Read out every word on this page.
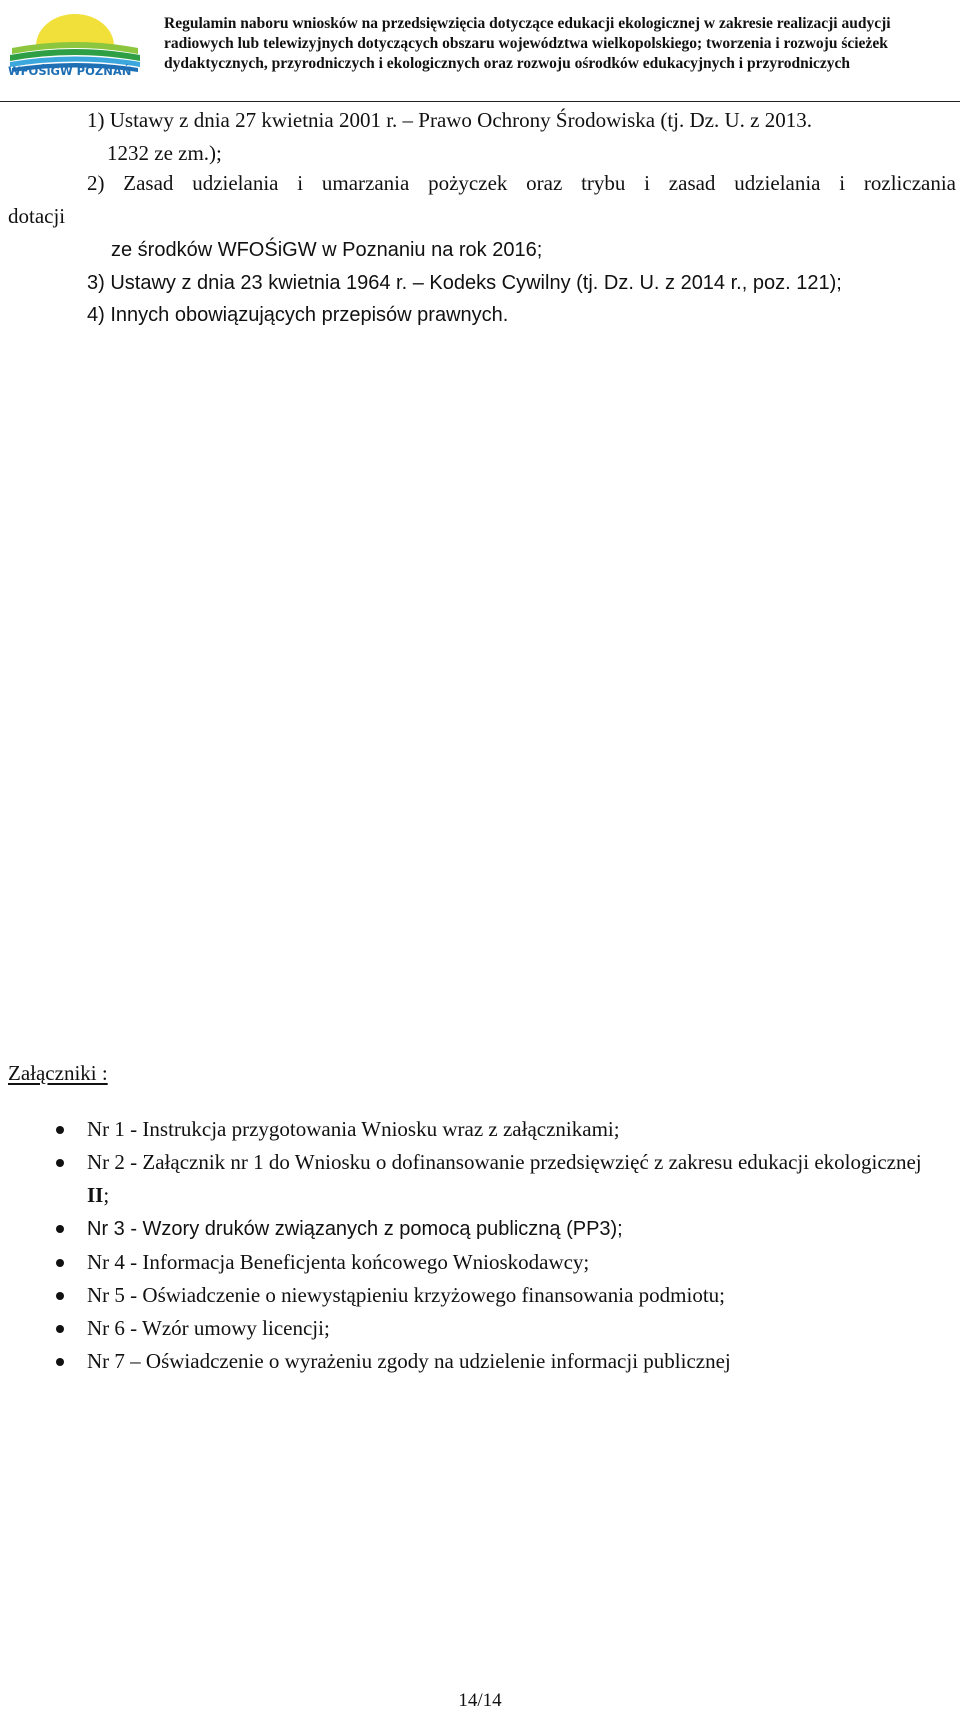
WFOŚiGW POZNAŃ
Regulamin naboru wniosków na przedsięwzięcia dotyczące edukacji ekologicznej w zakresie realizacji audycji
radiowych lub telewizyjnych dotyczących obszaru województwa wielkopolskiego; tworzenia i rozwoju ścieżek
dydaktycznych, przyrodniczych i ekologicznych oraz rozwoju ośrodków edukacyjnych i przyrodniczych
1) Ustawy z dnia 27 kwietnia 2001 r. – Prawo Ochrony Środowiska (tj. Dz. U. z 2013.
1232 ze zm.);
2) Zasad udzielania i umarzania pożyczek oraz trybu i zasad udzielania i rozliczania
dotacji
ze środków WFOŚiGW w Poznaniu na rok 2016;
3) Ustawy z dnia 23 kwietnia 1964 r. – Kodeks Cywilny (tj. Dz. U. z 2014 r., poz. 121);
4) Innych obowiązujących przepisów prawnych.
Załączniki :
Nr 1 - Instrukcja przygotowania Wniosku wraz z załącznikami;
Nr 2 - Załącznik nr 1 do Wniosku o dofinansowanie przedsięwzięć z zakresu edukacji ekologicznej II;
Nr 3 - Wzory druków związanych z pomocą publiczną (PP3);
Nr 4 - Informacja Beneficjenta końcowego Wnioskodawcy;
Nr 5 - Oświadczenie o niewystąpieniu krzyżowego finansowania podmiotu;
Nr 6 - Wzór umowy licencji;
Nr 7 – Oświadczenie o wyrażeniu zgody na udzielenie informacji publicznej
14/14
